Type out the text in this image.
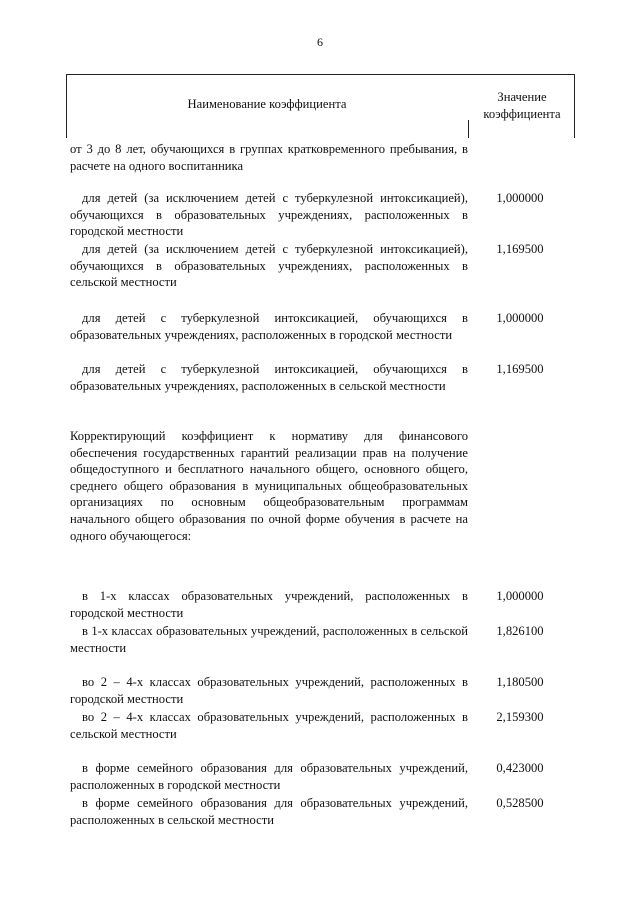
6
Наименование коэффициента	Значение
коэффициента
от 3 до 8 лет, обучающихся в группах кратковременного пребывания, в расчете на одного воспитанника
для детей (за исключением детей с туберкулезной интоксикацией), обучающихся в образовательных учреждениях, расположенных в городской местности
1,000000
для детей (за исключением детей с туберкулезной интоксикацией), обучающихся в образовательных учреждениях, расположенных в сельской местности
1,169500
для детей с туберкулезной интоксикацией, обучающихся в образовательных учреждениях, расположенных в городской местности
1,000000
для детей с туберкулезной интоксикацией, обучающихся в образовательных учреждениях, расположенных в сельской местности
1,169500
Корректирующий коэффициент к нормативу для финансового обеспечения государственных гарантий реализации прав на получение общедоступного и бесплатного начального общего, основного общего, среднего общего образования в муниципальных общеобразовательных организациях по основным общеобразовательным программам начального общего образования по очной форме обучения в расчете на одного обучающегося:
в 1-х классах образовательных учреждений, расположенных в городской местности
1,000000
в 1-х классах образовательных учреждений, расположенных в сельской местности
1,826100
во 2 – 4-х классах образовательных учреждений, расположенных в городской местности
1,180500
во 2 – 4-х классах образовательных учреждений, расположенных в сельской местности
2,159300
в форме семейного образования для образовательных учреждений, расположенных в городской местности
0,423000
в форме семейного образования для образовательных учреждений, расположенных в сельской местности
0,528500
